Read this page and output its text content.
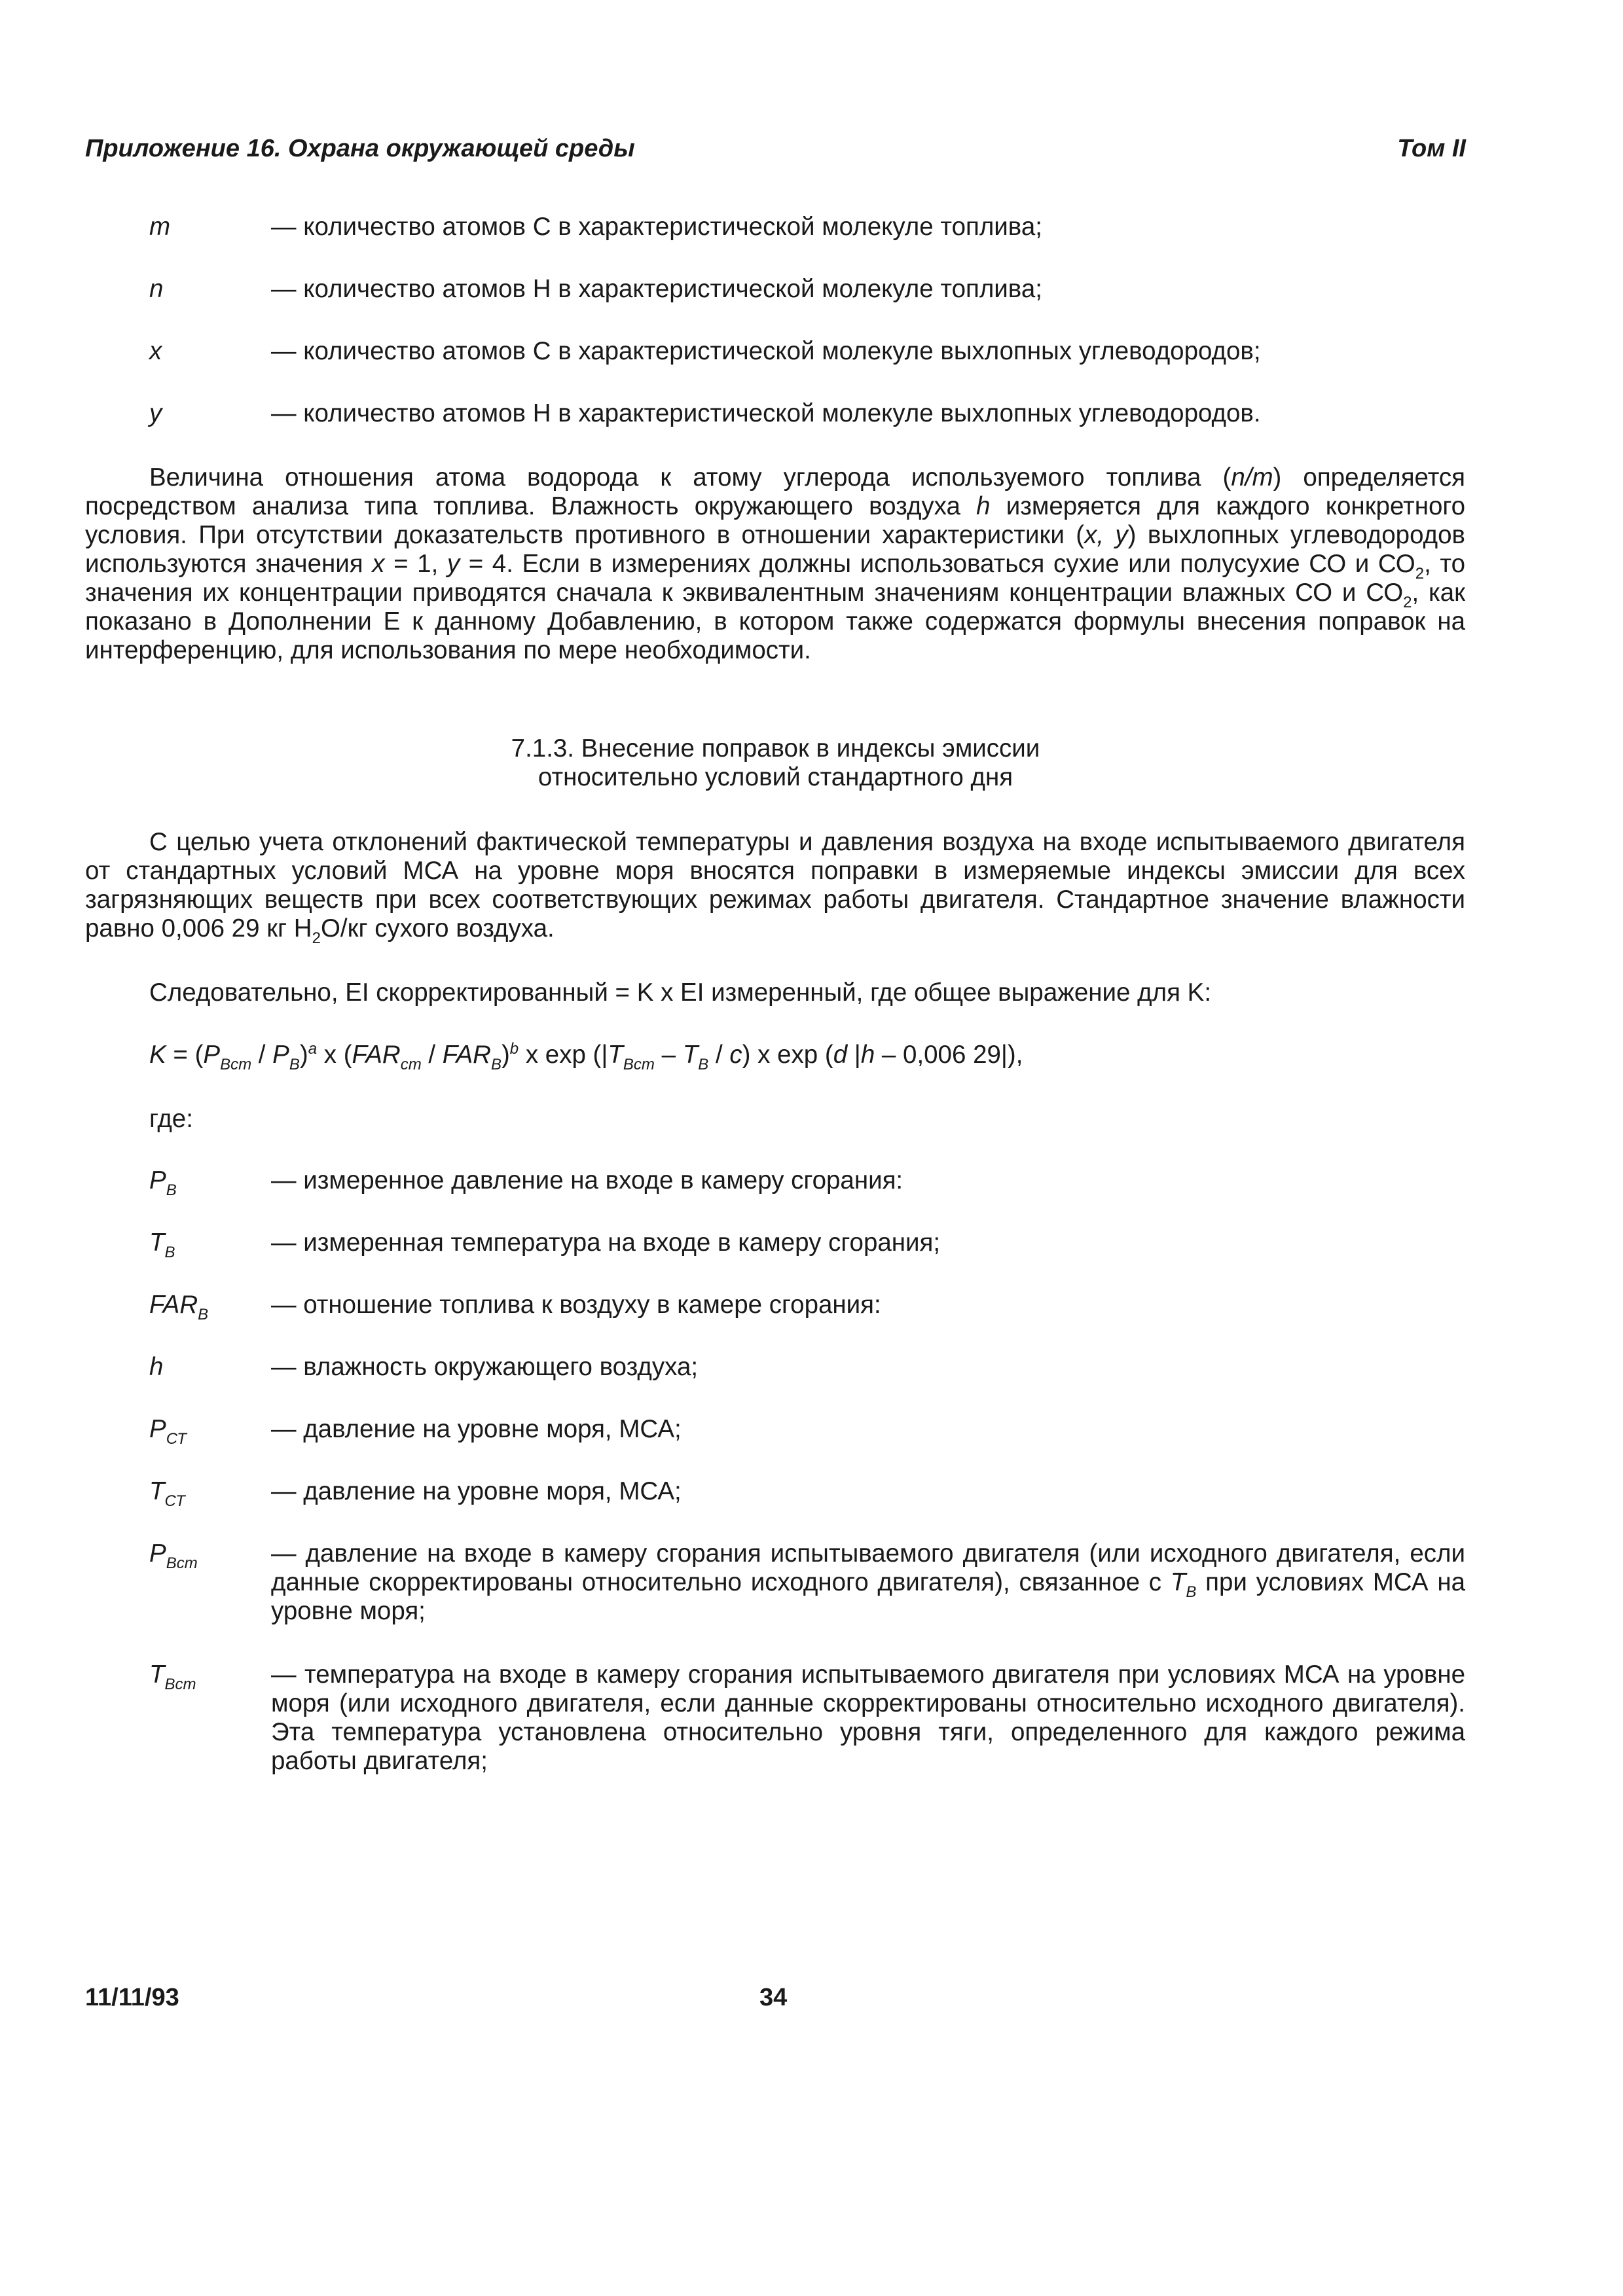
Приложение 16. Охрана окружающей среды	Том II
m	— количество атомов С в характеристической молекуле топлива;
n	— количество атомов Н в характеристической молекуле топлива;
x	— количество атомов С в характеристической молекуле выхлопных углеводородов;
y	— количество атомов Н в характеристической молекуле выхлопных углеводородов.

Величина отношения атома водорода к атому углерода используемого топлива (n/m) определяется посредством анализа типа топлива. Влажность окружающего воздуха h измеряется для каждого конкретного условия. При отсутствии доказательств противного в отношении характеристики (x, y) выхлопных углеводородов используются значения x = 1, y = 4. Если в измерениях должны использоваться сухие или полусухие СО и $СО_2$, то значения их концентрации приводятся сначала к эквивалентным значениям концентрации влажных СО и $СО_2$, как показано в Дополнении Е к данному Добавлению, в котором также содержатся формулы внесения поправок на интерференцию, для использования по мере необходимости.

7.1.3. Внесение поправок в индексы эмиссии
относительно условий стандартного дня

С целью учета отклонений фактической температуры и давления воздуха на входе испытываемого двигателя от стандартных условий МСА на уровне моря вносятся поправки в измеряемые индексы эмиссии для всех загрязняющих веществ при всех соответствующих режимах работы двигателя. Стандартное значение влажности равно 0,006 29 кг $Н_2О/кг$ сухого воздуха.

Следовательно, EI скорректированный = K x EI измеренный, где общее выражение для K:

$K = (P_{Вст} / P_В)^a$ x $(FAR_{ст} / FAR_В)^b$ x $\exp (|T_{Вст} - T_В / c)$ x exp (d |h – 0,006 29|),
где:
$P_В$	— измеренное давление на входе в камеру сгорания:
$T_В$	— измеренная температура на входе в камеру сгорания;
$FAR_В$ — отношение топлива к воздуху в камере сгорания:
h	— влажность окружающего воздуха;
$P_{СТ}$	— давление на уровне моря, МСА;
$T_{СТ}$	— давление на уровне моря, МСА;
$P_{Вст}$	— давление на входе в камеру сгорания испытываемого двигателя (или исходного двигателя, если данные скорректированы относительно исходного двигателя), связанное с $T_В$ при условиях МСА на уровне моря;
$T_{Вст}$	— температура на входе в камеру сгорания испытываемого двигателя при условиях МСА на уровне моря (или исходного двигателя, если данные скорректированы относительно исходного двигателя). Эта температура установлена относительно уровня тяги, определенного для каждого режима работы двигателя;
11/11/93	34
